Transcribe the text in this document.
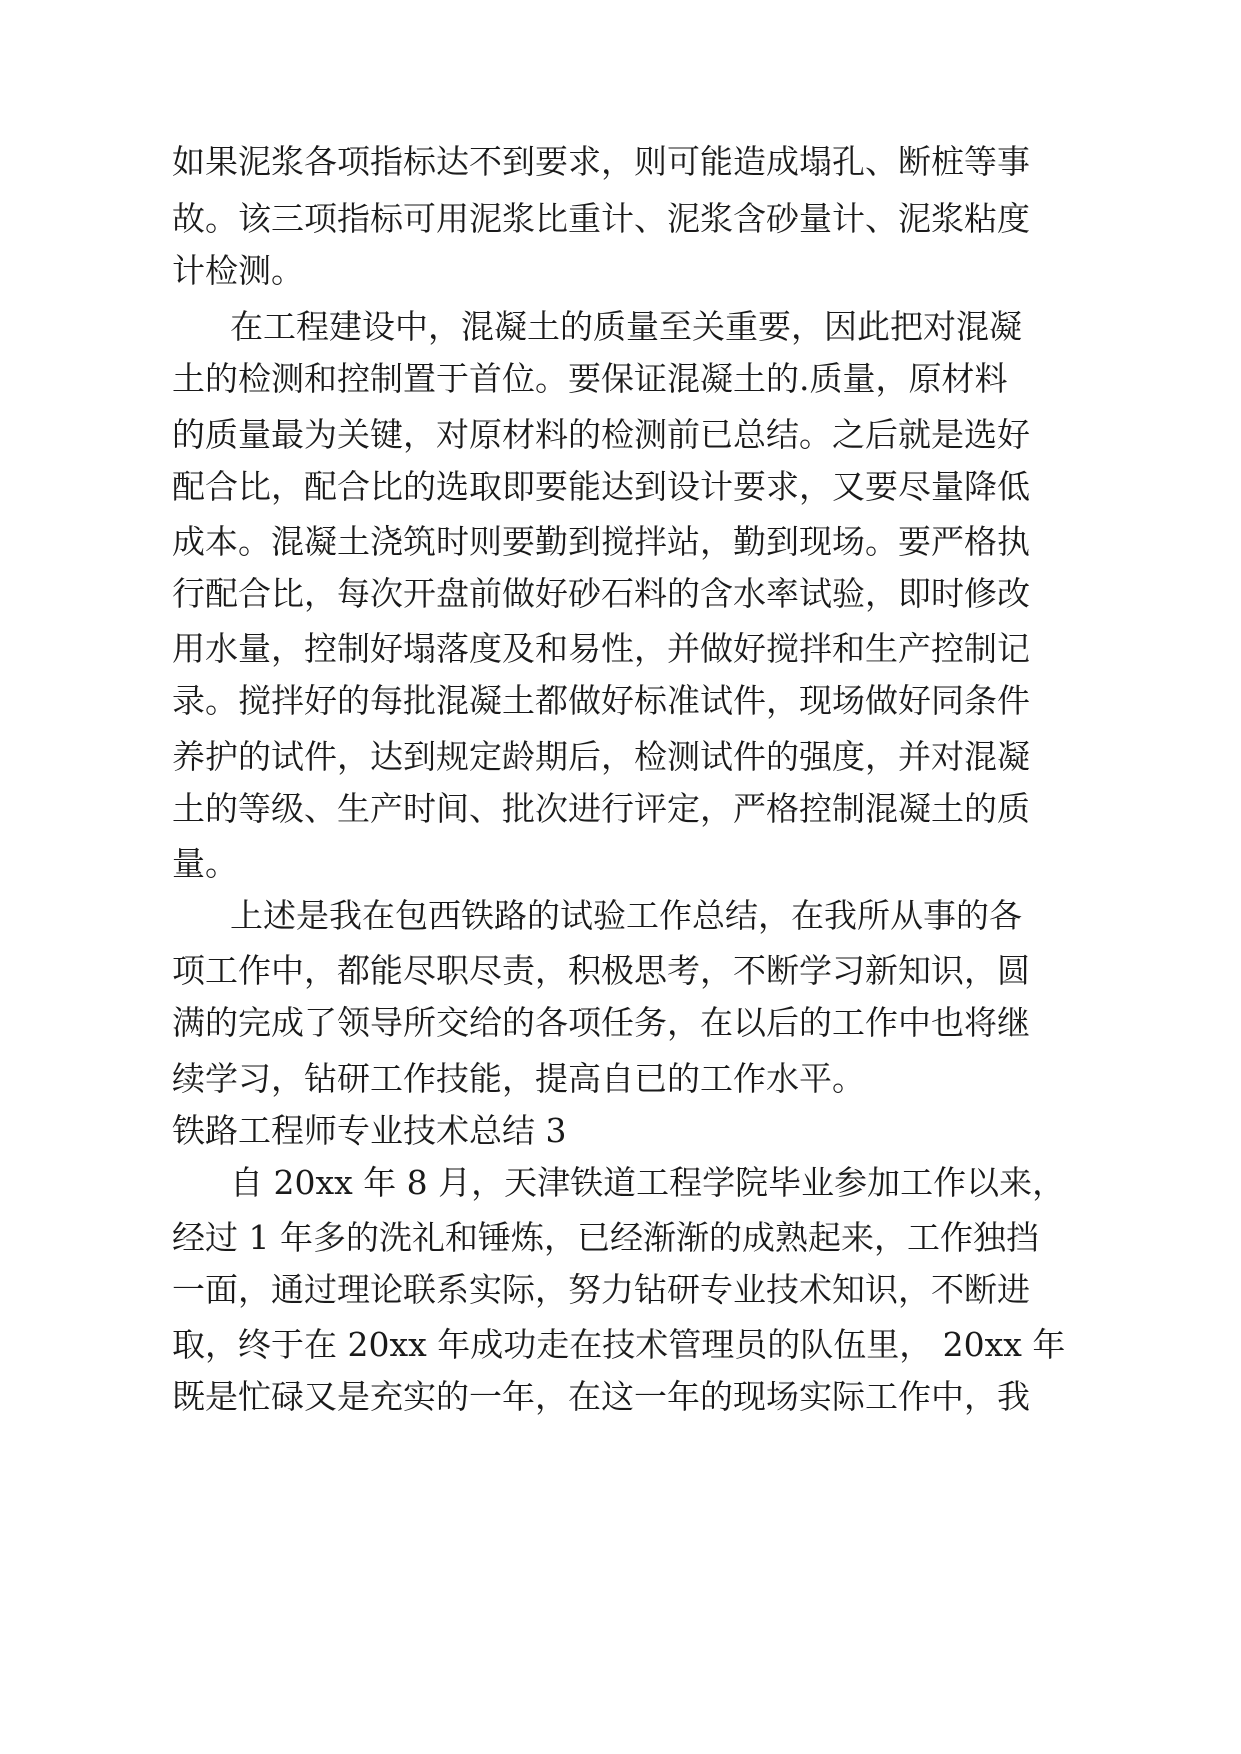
如果泥浆各项指标达不到要求，则可能造成塌孔、断桩等事
故。该三项指标可用泥浆比重计、泥浆含砂量计、泥浆粘度
计检测。
在工程建设中，混凝土的质量至关重要，因此把对混凝
土的检测和控制置于首位。要保证混凝土的.质量，原材料
的质量最为关键，对原材料的检测前已总结。之后就是选好
配合比，配合比的选取即要能达到设计要求，又要尽量降低
成本。混凝土浇筑时则要勤到搅拌站，勤到现场。要严格执
行配合比，每次开盘前做好砂石料的含水率试验，即时修改
用水量，控制好塌落度及和易性，并做好搅拌和生产控制记
录。搅拌好的每批混凝土都做好标准试件，现场做好同条件
养护的试件，达到规定龄期后，检测试件的强度，并对混凝
土的等级、生产时间、批次进行评定，严格控制混凝土的质
量。
上述是我在包西铁路的试验工作总结，在我所从事的各
项工作中，都能尽职尽责，积极思考，不断学习新知识，圆
满的完成了领导所交给的各项任务，在以后的工作中也将继
续学习，钻研工作技能，提高自已的工作水平。
铁路工程师专业技术总结 3
自 20xx 年 8 月，天津铁道工程学院毕业参加工作以来，
经过 1 年多的洗礼和锤炼，已经渐渐的成熟起来，工作独挡
一面，通过理论联系实际，努力钻研专业技术知识，不断进
取，终于在 20xx 年成功走在技术管理员的队伍里， 20xx 年
既是忙碌又是充实的一年，在这一年的现场实际工作中，我
